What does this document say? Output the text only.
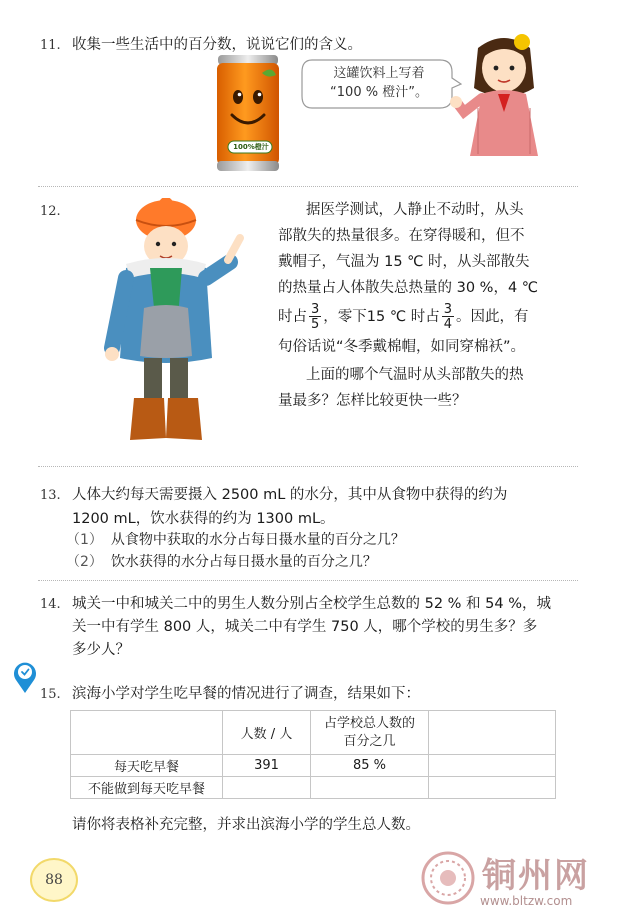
11. 收集一些生活中的百分数，说说它们的含义。
100%橙汁
这罐饮料上写着
“100 % 橙汁”。
12.	据医学测试，人静止不动时，从头
部散失的热量很多。在穿得暖和，但不
戴帽子，气温为 15 ℃ 时，从头部散失
的热量占人体散失总热量的 30 %，4 ℃
时占 $\frac{3}{5}$ ，零下15 ℃ 时占 $\frac{3}{4}$ 。因此，有
句俗话说“冬季戴棉帽，如同穿棉袄”。
上面的哪个气温时从头部散失的热
量最多？怎样比较更快一些？
13. 人体大约每天需要摄入 2500 mL 的水分，其中从食物中获得的约为
1200 mL，饮水获得的约为 1300 mL。
（1） 从食物中获取的水分占每日摄水量的百分之几？
（2） 饮水获得的水分占每日摄水量的百分之几？
14. 城关一中和城关二中的男生人数分别占全校学生总数的 52 % 和 54 %，城
关一中有学生 800 人，城关二中有学生 750 人，哪个学校的男生多？多
多少人？
15. 滨海小学对学生吃早餐的情况进行了调查，结果如下：
	人数 / 人	占学校总人数的
百分之几	

每天吃早餐	391	85 %	
不能做到每天吃早餐			
请你将表格补充完整，并求出滨海小学的学生总人数。
88	铜州网
www.bltzw.com
